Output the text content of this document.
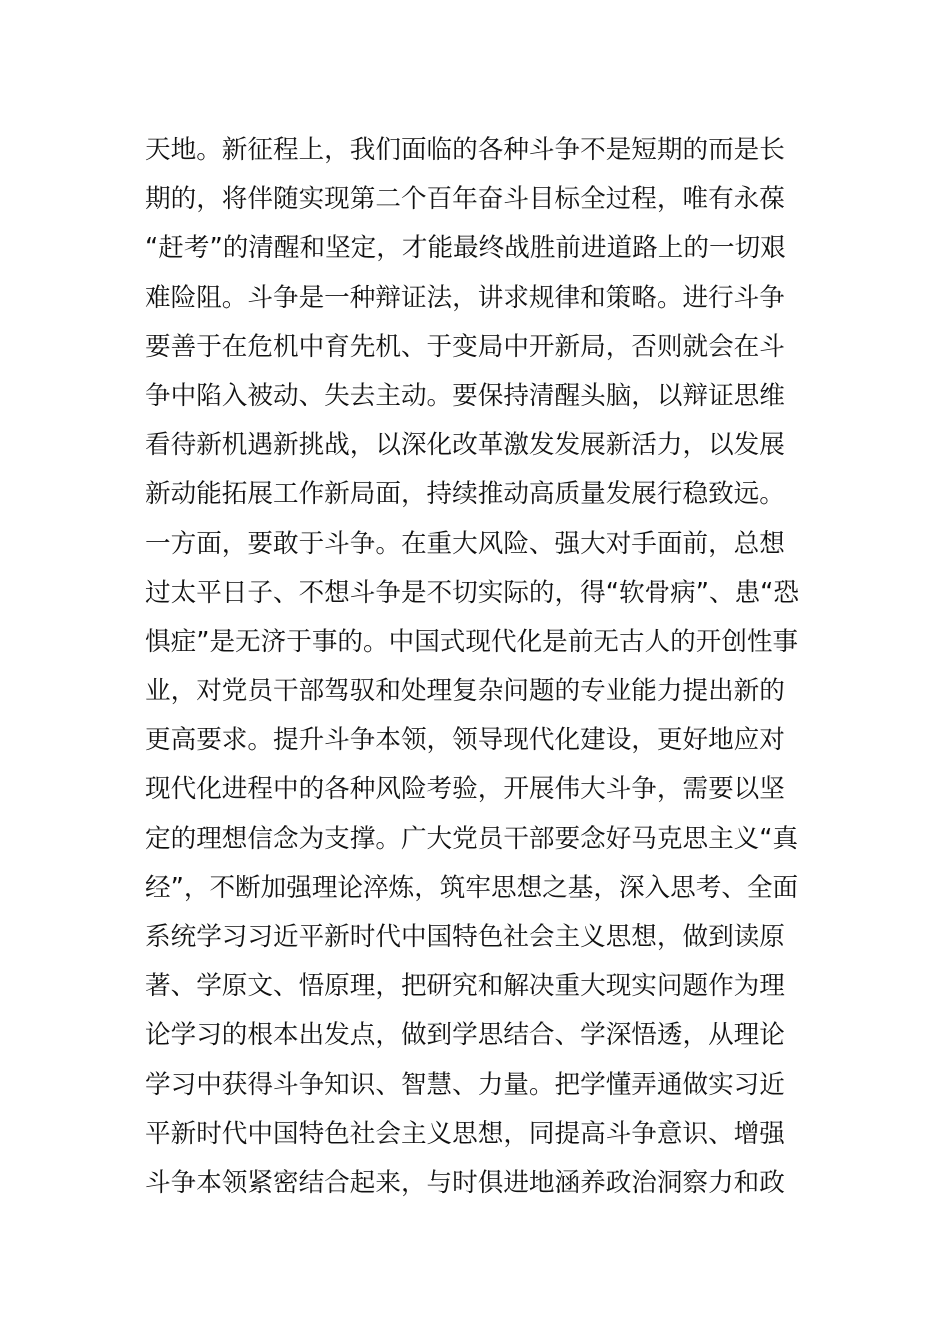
天地。新征程上，我们面临的各种斗争不是短期的而是长
期的，将伴随实现第二个百年奋斗目标全过程，唯有永葆
“赶考”的清醒和坚定，才能最终战胜前进道路上的一切艰
难险阻。斗争是一种辩证法，讲求规律和策略。进行斗争
要善于在危机中育先机、于变局中开新局，否则就会在斗
争中陷入被动、失去主动。要保持清醒头脑，以辩证思维
看待新机遇新挑战，以深化改革激发发展新活力，以发展
新动能拓展工作新局面，持续推动高质量发展行稳致远。
一方面，要敢于斗争。在重大风险、强大对手面前，总想
过太平日子、不想斗争是不切实际的，得“软骨病”、患“恐
惧症”是无济于事的。中国式现代化是前无古人的开创性事
业，对党员干部驾驭和处理复杂问题的专业能力提出新的
更高要求。提升斗争本领，领导现代化建设，更好地应对
现代化进程中的各种风险考验，开展伟大斗争，需要以坚
定的理想信念为支撑。广大党员干部要念好马克思主义“真
经”，不断加强理论淬炼，筑牢思想之基，深入思考、全面
系统学习习近平新时代中国特色社会主义思想，做到读原
著、学原文、悟原理，把研究和解决重大现实问题作为理
论学习的根本出发点，做到学思结合、学深悟透，从理论
学习中获得斗争知识、智慧、力量。把学懂弄通做实习近
平新时代中国特色社会主义思想，同提高斗争意识、增强
斗争本领紧密结合起来，与时俱进地涵养政治洞察力和政
